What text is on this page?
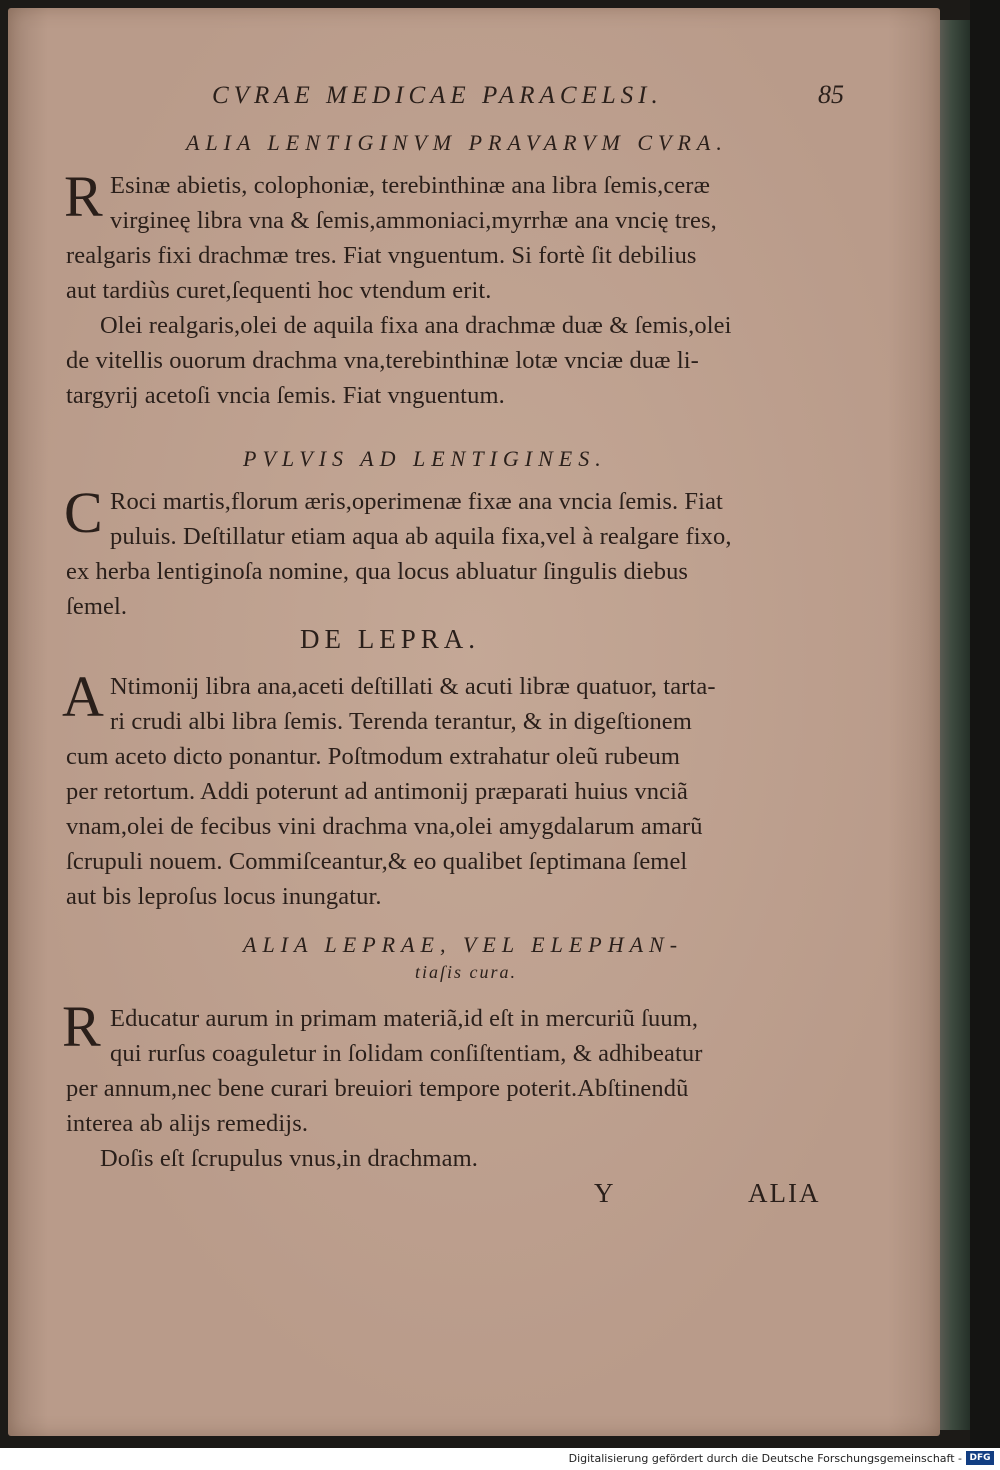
CVRAE MEDICAE PARACELSI.	85
ALIA LENTIGINVM PRAVARVM CVRA.
R Esinæ abietis, colophoniæ, terebinthinæ ana libra ſemis,ceræ
virgineę libra vna & ſemis,ammoniaci,myrrhæ ana vncię tres,
realgaris fixi drachmæ tres. Fiat vnguentum. Si fortè ſit debilius
aut tardiùs curet,ſequenti hoc vtendum erit.
Olei realgaris,olei de aquila fixa ana drachmæ duæ & ſemis,olei
de vitellis ouorum drachma vna,terebinthinæ lotæ vnciæ duæ li-
targyrij acetoſi vncia ſemis. Fiat vnguentum.
PVLVIS AD LENTIGINES.
C Roci martis,florum æris,operimenæ fixæ ana vncia ſemis. Fiat
puluis. Deſtillatur etiam aqua ab aquila fixa,vel à realgare fixo,
ex herba lentiginoſa nomine, qua locus abluatur ſingulis diebus
ſemel.
DE LEPRA.
A Ntimonij libra ana,aceti deſtillati & acuti libræ quatuor, tarta-
ri crudi albi libra ſemis. Terenda terantur, & in digeſtionem
cum aceto dicto ponantur. Poſtmodum extrahatur oleũ rubeum
per retortum. Addi poterunt ad antimonij præparati huius vnciã
vnam,olei de fecibus vini drachma vna,olei amygdalarum amarũ
ſcrupuli nouem. Commiſceantur,& eo qualibet ſeptimana ſemel
aut bis leproſus locus inungatur.
ALIA LEPRAE, VEL ELEPHAN-
tiaſis cura.
R Educatur aurum in primam materiã,id eſt in mercuriũ ſuum,
qui rurſus coaguletur in ſolidam conſiſtentiam, & adhibeatur
per annum,nec bene curari breuiori tempore poterit.Abſtinendũ
interea ab alijs remedijs.
Doſis eſt ſcrupulus vnus,in drachmam.
Y	ALIA
Digitalisierung gefördert durch die Deutsche Forschungsgemeinschaft - DFG
